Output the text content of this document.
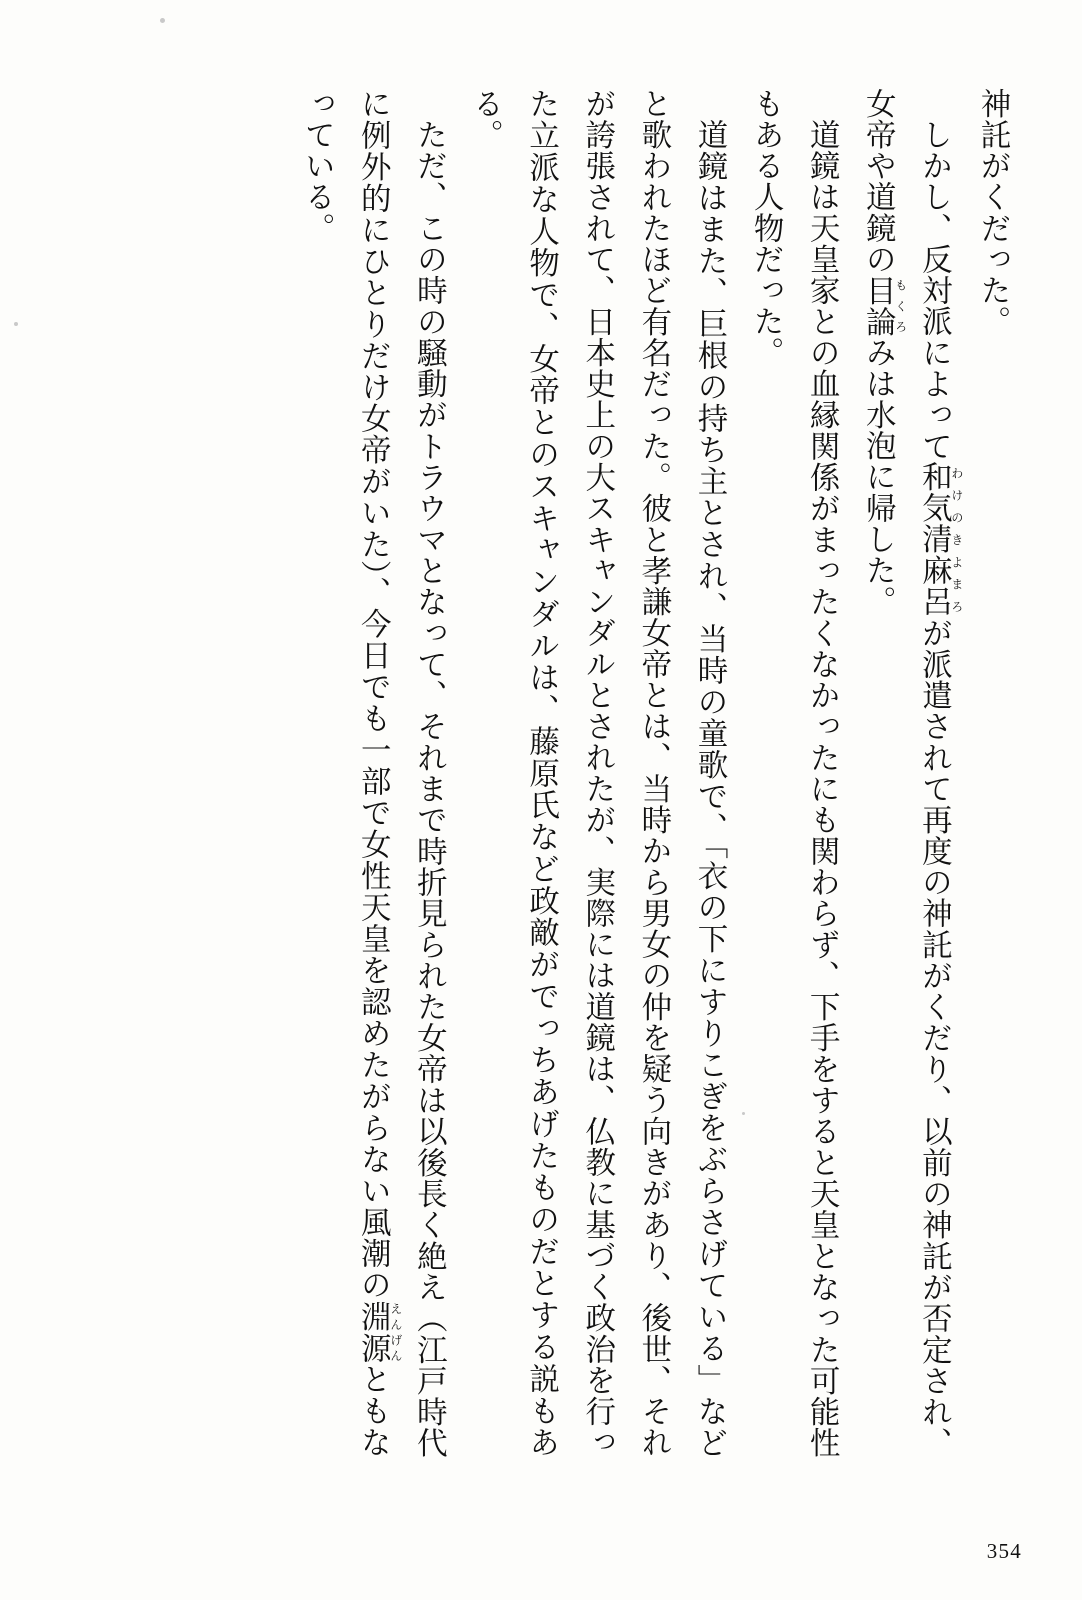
神託がくだった。

しかし、反対派によって和気清麻呂わけのきよまろが派遣されて再度の神託がくだり、以前の神託が否定され、女帝や道鏡の目論もくろみは水泡に帰した。

道鏡は天皇家との血縁関係がまったくなかったにも関わらず、下手をすると天皇となった可能性もある人物だった。

道鏡はまた、巨根の持ち主とされ、当時の童歌で、「衣の下にすりこぎをぶらさげている」などと歌われたほど有名だった。彼と孝謙女帝とは、当時から男女の仲を疑う向きがあり、後世、それが誇張されて、日本史上の大スキャンダルとされたが、実際には道鏡は、仏教に基づく政治を行った立派な人物で、女帝とのスキャンダルは、藤原氏など政敵がでっちあげたものだとする説もある。

ただ、この時の騒動がトラウマとなって、それまで時折見られた女帝は以後長く絶え（江戸時代に例外的にひとりだけ女帝がいた）、今日でも一部で女性天皇を認めたがらない風潮の淵源えんげんともなっている。

354
